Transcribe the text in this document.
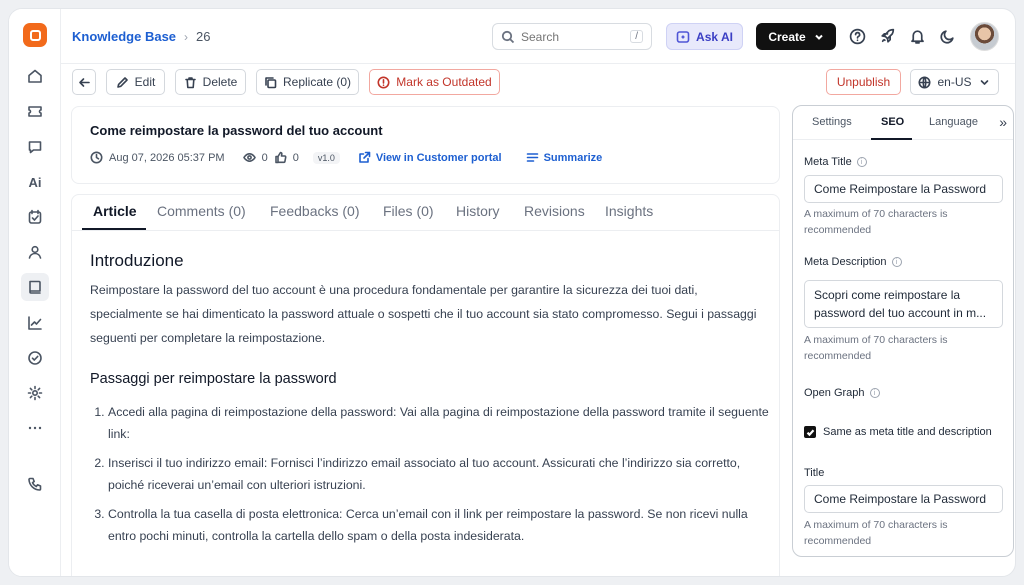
Ai
Knowledge Base › 26
Search	/	Ask AI	Create
Edit	Delete	Replicate (0)	Mark as Outdated	Unpublish	en-US
Come reimpostare la password del tuo account
Aug 07, 2026 05:37 PM	0 0	v1.0	View in Customer portal	Summarize
Article Comments (0) Feedbacks (0) Files (0) History Revisions Insights
Introduzione

Reimpostare la password del tuo account è una procedura fondamentale per garantire la sicurezza dei tuoi dati, specialmente se hai dimenticato la password attuale o sospetti che il tuo account sia stato compromesso. Segui i passaggi seguenti per completare la reimpostazione.

Passaggi per reimpostare la password
1. Accedi alla pagina di reimpostazione della password: Vai alla pagina di reimpostazione della password tramite il seguente link:
2. Inserisci il tuo indirizzo email: Fornisci l’indirizzo email associato al tuo account. Assicurati che l’indirizzo sia corretto, poiché riceverai un’email con ulteriori istruzioni.
3. Controlla la tua casella di posta elettronica: Cerca un’email con il link per reimpostare la password. Se non ricevi nulla entro pochi minuti, controlla la cartella dello spam o della posta indesiderata.
Settings	SEO Language »
Meta Title	i
Come Reimpostare la Password
A maximum of 70 characters is recommended
Meta Description	i
Scopri come reimpostare la password del tuo account in m...
A maximum of 70 characters is recommended
Open Graph	i
Same as meta title and description
Title
Come Reimpostare la Password
A maximum of 70 characters is recommended
